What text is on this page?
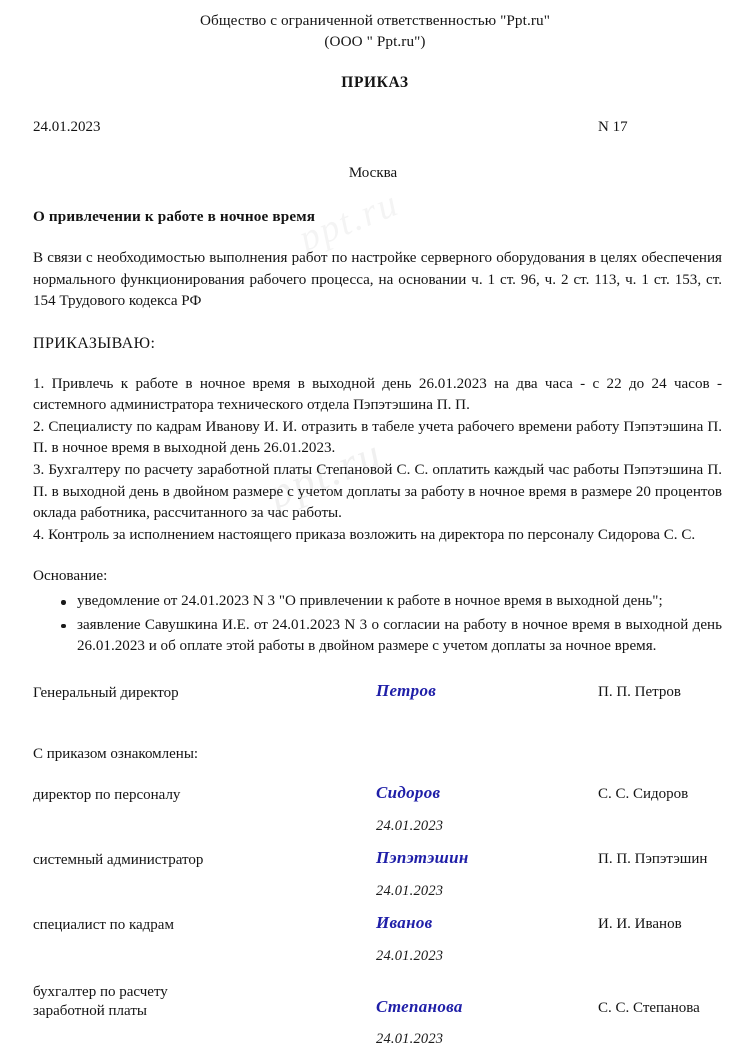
ppt.ru
Общество с ограниченной ответственностью "Ppt.ru"
(ООО " Ppt.ru")
ПРИКАЗ
24.01.2023	N 17
Москва
О привлечении к работе в ночное время
В связи с необходимостью выполнения работ по настройке серверного оборудования в целях обеспечения нормального функционирования рабочего процесса, на основании ч. 1 ст. 96, ч. 2 ст. 113, ч. 1 ст. 153, ст. 154 Трудового кодекса РФ
ПРИКАЗЫВАЮ:
1. Привлечь к работе в ночное время в выходной день 26.01.2023 на два часа - с 22 до 24 часов - системного администратора технического отдела Пэпэтэшина П. П.
2. Специалисту по кадрам Иванову И. И. отразить в табеле учета рабочего времени работу Пэпэтэшина П. П. в ночное время в выходной день 26.01.2023.
3. Бухгалтеру по расчету заработной платы Степановой С. С. оплатить каждый час работы Пэпэтэшина П. П. в выходной день в двойном размере с учетом доплаты за работу в ночное время в размере 20 процентов оклада работника, рассчитанного за час работы.
4. Контроль за исполнением настоящего приказа возложить на директора по персоналу Сидорова С. С.
Основание:
уведомление от 24.01.2023 N 3 "О привлечении к работе в ночное время в выходной день";
заявление Савушкина И.Е. от 24.01.2023 N 3 о согласии на работу в ночное время в выходной день 26.01.2023 и об оплате этой работы в двойном размере с учетом доплаты за ночное время.
Генеральный директор	Петров	П. П. Петров
С приказом ознакомлены:
директор по персоналу	Сидоров	С. С. Сидоров
24.01.2023
системный администратор	Пэпэтэшин	П. П. Пэпэтэшин
24.01.2023
специалист по кадрам	Иванов	И. И. Иванов
24.01.2023
бухгалтер по расчету
заработной платы	Степанова	С. С. Степанова
24.01.2023
